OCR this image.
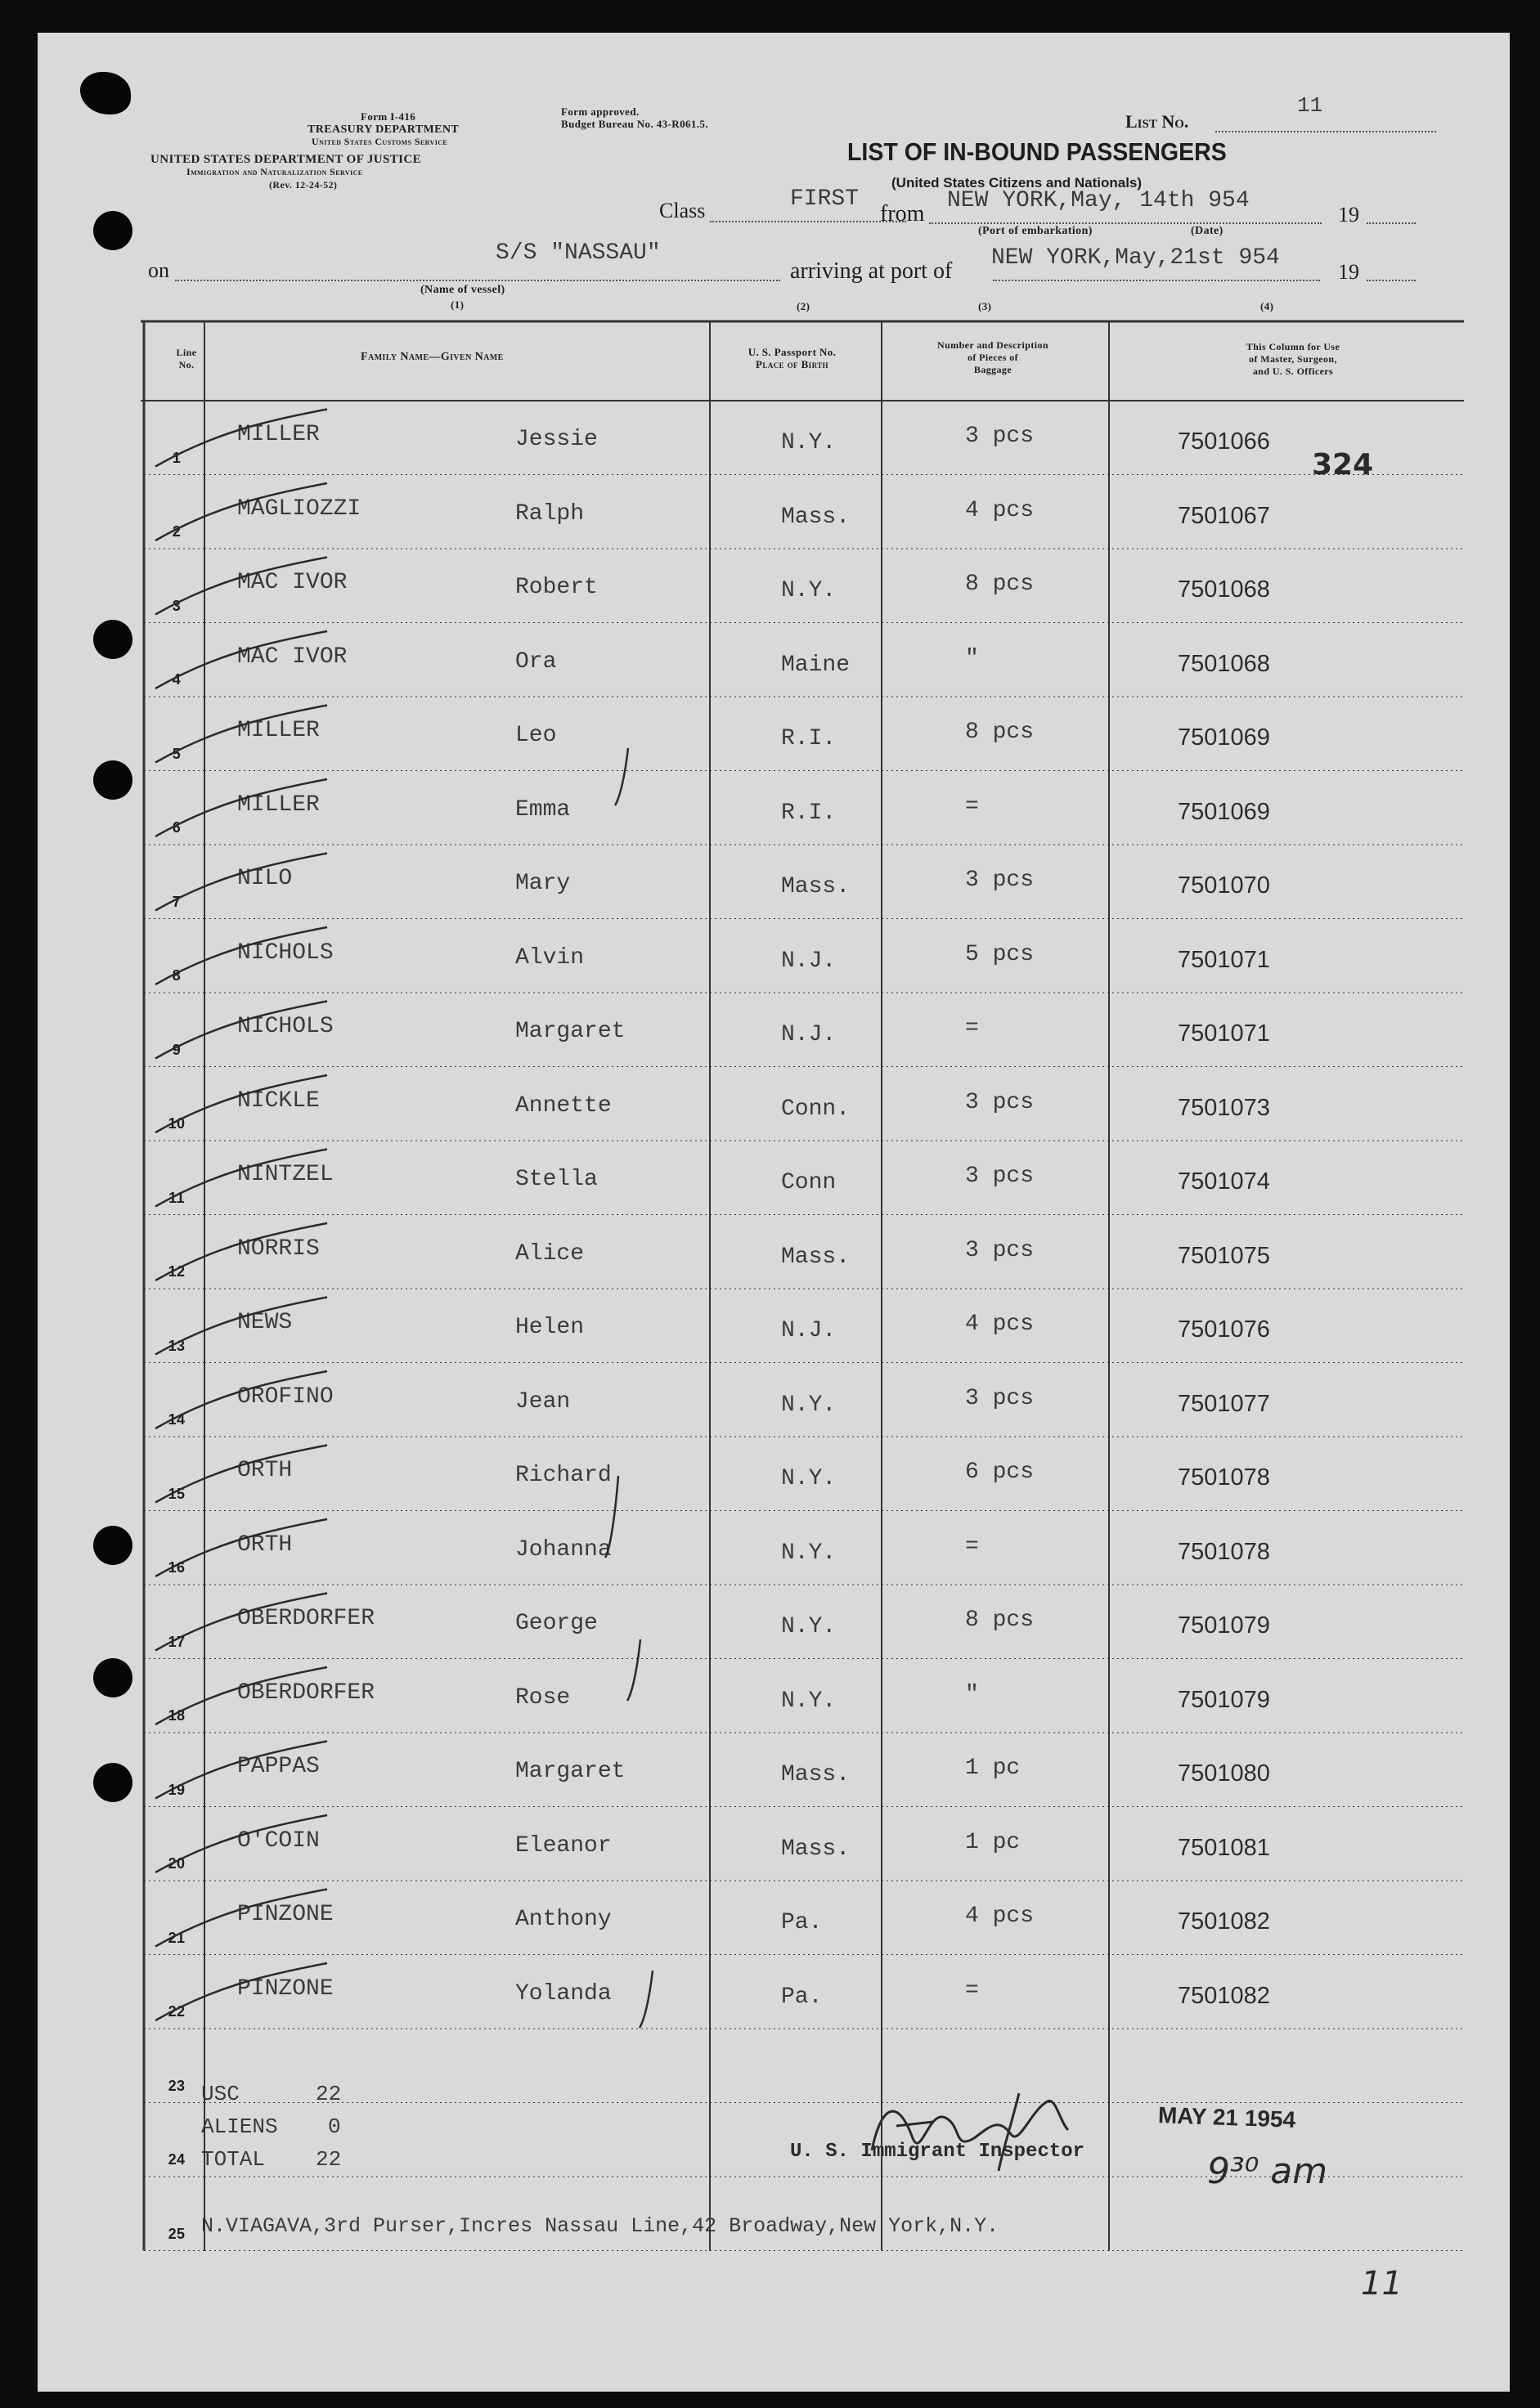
Form I-416
TREASURY DEPARTMENT
United States Customs Service
UNITED STATES DEPARTMENT OF JUSTICE
Immigration and Naturalization Service
(Rev. 12-24-52)
Form approved.
Budget Bureau No. 43-R061.5.	List No.
11
LIST OF IN-BOUND PASSENGERS
(United States Citizens and Nationals)
Class	FIRST
from
NEW YORK,May, 14th 954
19
(Port of embarkation)	(Date)
on
S/S "NASSAU"
arriving at port of
NEW YORK,May,21st 954
19
(Name of vessel)
(1)	(2)	(3)	(4)
Line
No.
Family Name—Given Name	U. S. Passport No.
Place of Birth
Number and Description
of Pieces of
Baggage
This Column for Use
of Master, Surgeon,
and U. S. Officers
1
MILLER	Jessie	N.Y.	3 pcs	7501066
2
MAGLIOZZI	Ralph	Mass.	4 pcs	7501067
3
MAC IVOR	Robert	N.Y.	8 pcs	7501068
4
MAC IVOR	Ora	Maine	"	7501068
5
MILLER	Leo	R.I.	8 pcs	7501069
6
MILLER	Emma	R.I.	=	7501069
7
NILO	Mary	Mass.	3 pcs	7501070
8
NICHOLS	Alvin	N.J.	5 pcs	7501071
9
NICHOLS	Margaret	N.J.	=	7501071
10
NICKLE	Annette	Conn.	3 pcs	7501073
11
NINTZEL	Stella	Conn	3 pcs	7501074
12
NORRIS	Alice	Mass.	3 pcs	7501075
13
NEWS	Helen	N.J.	4 pcs	7501076
14
OROFINO	Jean	N.Y.	3 pcs	7501077
15
ORTH	Richard	N.Y.	6 pcs	7501078
16
ORTH	Johanna	N.Y.	=	7501078
17
OBERDORFER	George	N.Y.	8 pcs	7501079
18
OBERDORFER	Rose	N.Y.	"	7501079
19
PAPPAS	Margaret	Mass.	1 pc	7501080
20
O'COIN	Eleanor	Mass.	1 pc	7501081
21
PINZONE	Anthony	Pa.	4 pcs	7501082
22
PINZONE	Yolanda	Pa.	=	7501082
23
24
25
USC	22
ALIENS 0
TOTAL 22	U. S. Immigrant Inspector
MAY 21 1954
9³⁰ am
N.VIAGAVA,3rd Purser,Incres Nassau Line,42 Broadway,New York,N.Y.
11
324
